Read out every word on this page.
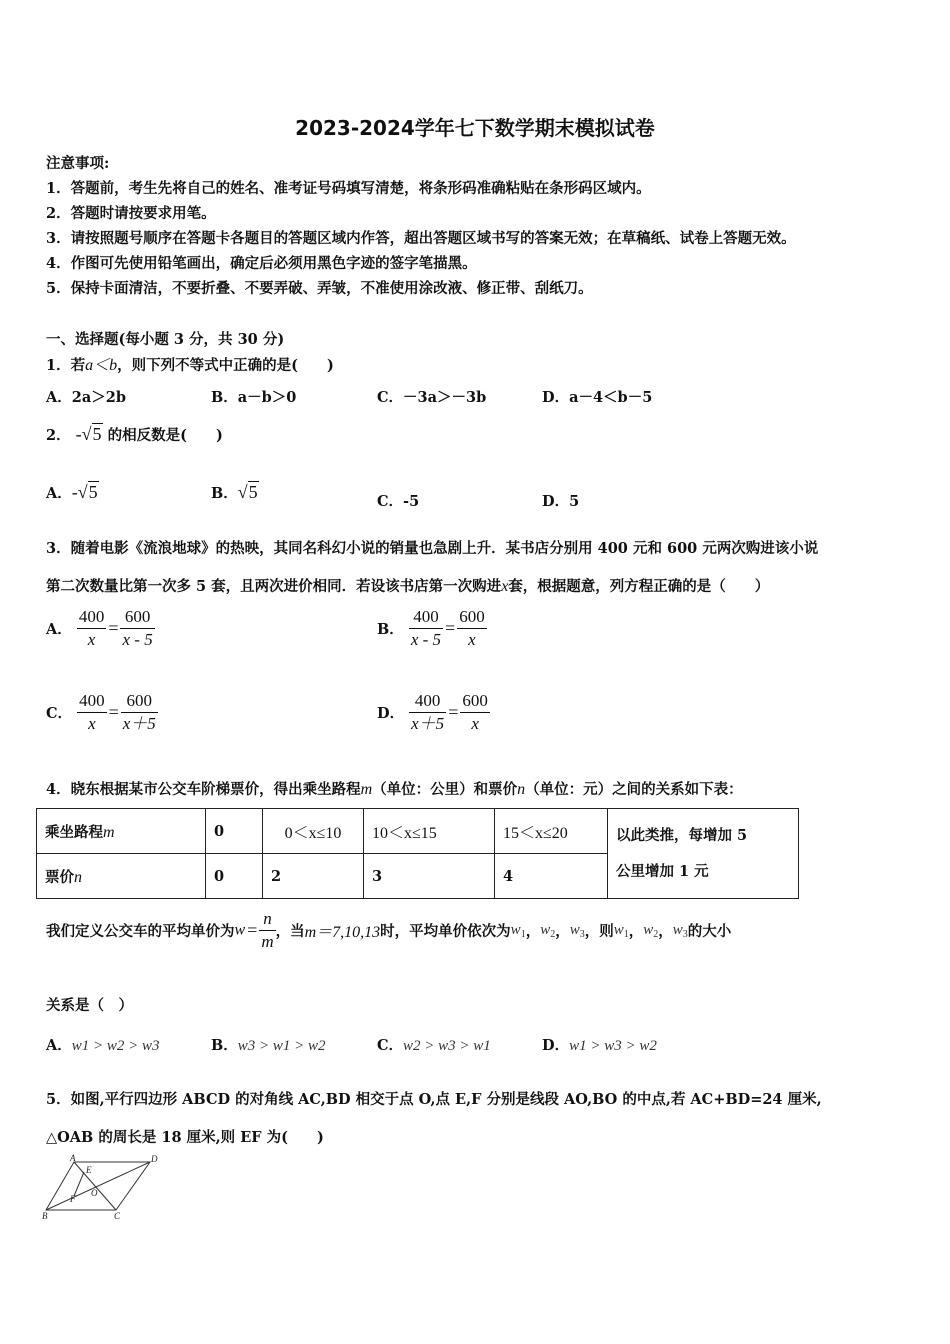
2023-2024学年七下数学期末模拟试卷
注意事项:
1．答题前，考生先将自己的姓名、准考证号码填写清楚，将条形码准确粘贴在条形码区域内。
2．答题时请按要求用笔。
3．请按照题号顺序在答题卡各题目的答题区域内作答，超出答题区域书写的答案无效；在草稿纸、试卷上答题无效。
4．作图可先使用铅笔画出，确定后必须用黑色字迹的签字笔描黑。
5．保持卡面清洁，不要折叠、不要弄破、弄皱，不准使用涂改液、修正带、刮纸刀。
一、选择题(每小题 3 分，共 30 分)
1．若a＜b，则下列不等式中正确的是(　　)
A．2a＞2b	B．a－b＞0	C．－3a＞－3b	D．a－4＜b－5
2． -√5 的相反数是(　　)
A．-√5	B．√5	C．-5	D．5
3．随着电影《流浪地球》的热映，其同名科幻小说的销量也急剧上升．某书店分别用 400 元和 600 元两次购进该小说
第二次数量比第一次多 5 套，且两次进价相同．若设该书店第一次购进x套，根据题意，列方程正确的是（　　）
A． $\frac{400}{x} = \frac{600}{x - 5}$	B． $\frac{400}{x - 5} = \frac{600}{x}$
C． $\frac{400}{x} = \frac{600}{x+5}$	D． $\frac{400}{x+5} = \frac{600}{x}$
4．晓东根据某市公交车阶梯票价，得出乘坐路程m（单位：公里）和票价n（单位：元）之间的关系如下表：
乘坐路程m	0	0＜x≤10	10＜x≤15	15＜x≤20	以此类推，每增加 5
公里增加 1 元

票价n	0	2	3	4	
我们定义公交车的平均单价为$w = \frac{n}{m}$ ，当m＝7,10,13时，平均单价依次为$w_1$，$w_2$，$w_3$，则$w_1$，$w_2$，$w_3$的大小
关系是（　）
A．w1 > w2 > w3	B．w3 > w1 > w2	C．w2 > w3 > w1	D．w1 > w3 > w2
5．如图,平行四边形 ABCD 的对角线 AC,BD 相交于点 O,点 E,F 分别是线段 AO,BO 的中点,若 AC+BD=24 厘米,
△OAB 的周长是 18 厘米,则 EF 为(　　)
A	D
B	C
E
F
O
